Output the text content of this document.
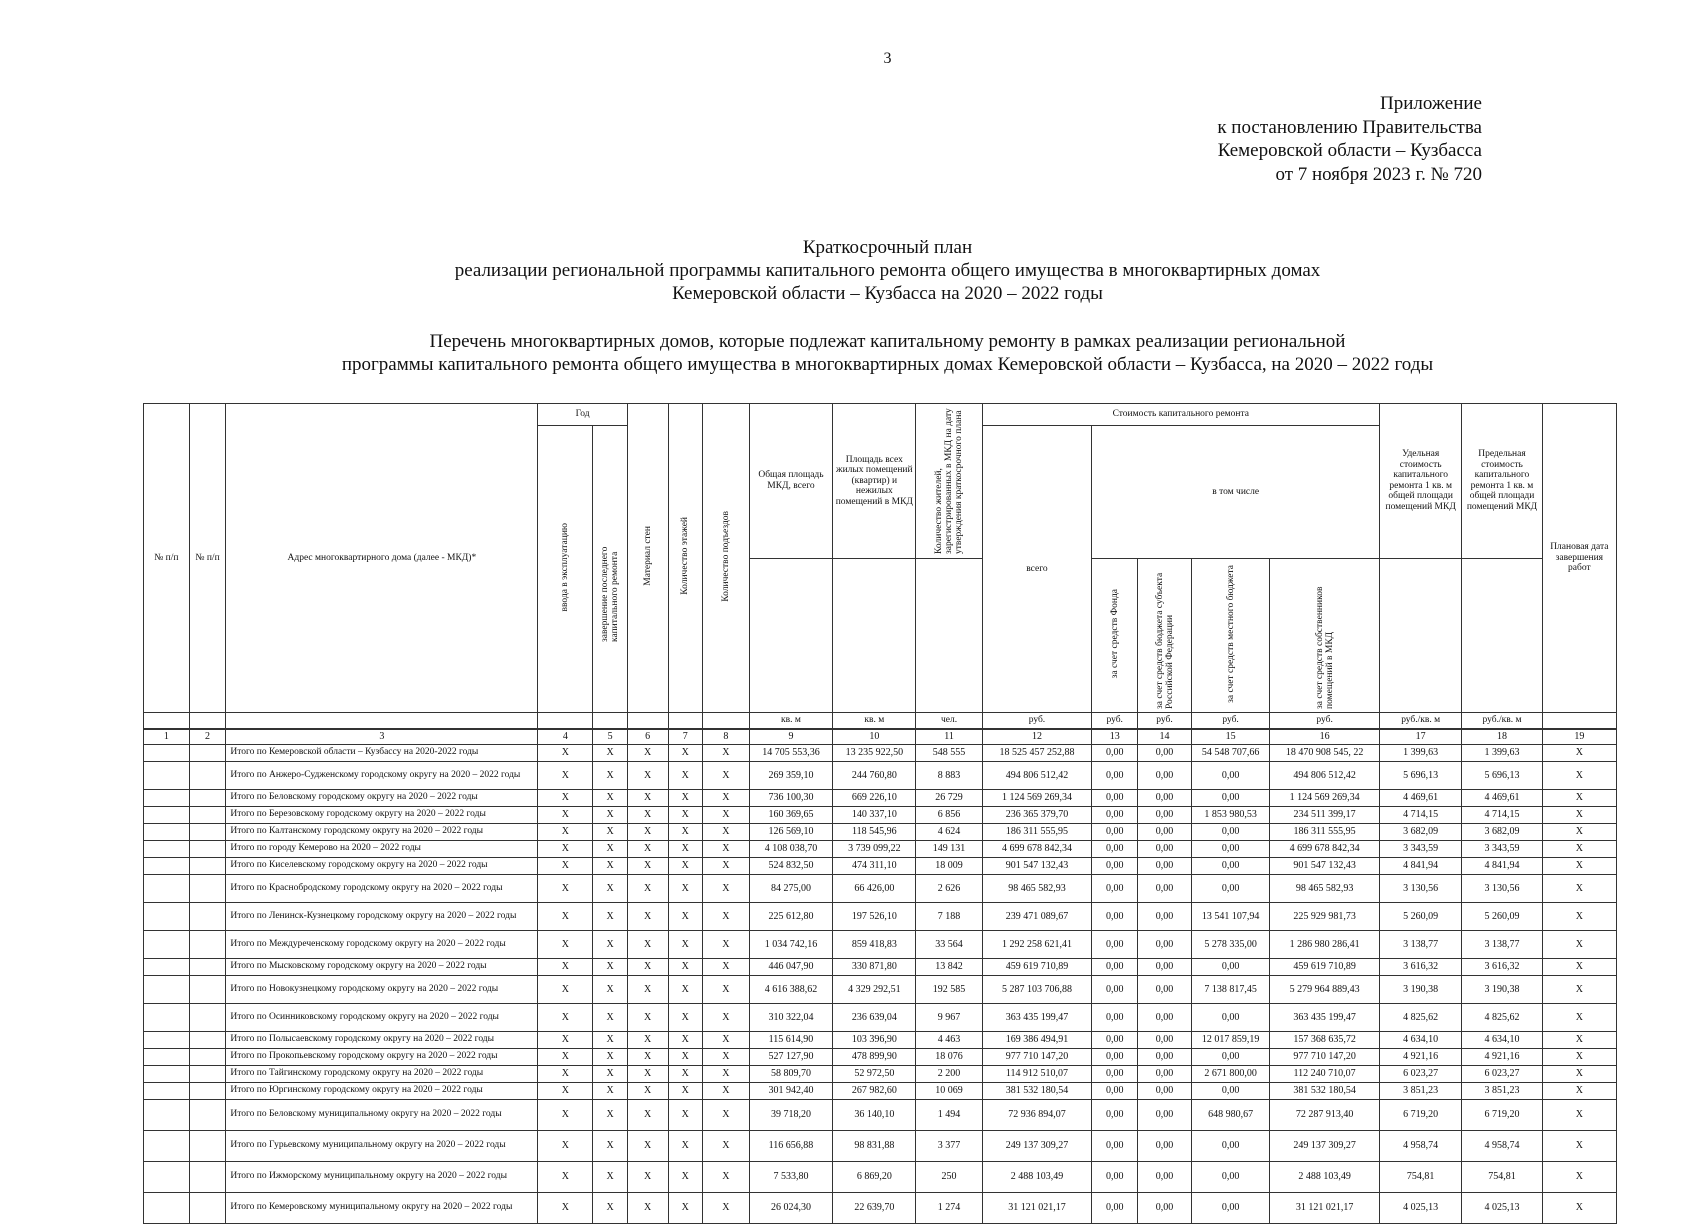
3
Приложение
к постановлению Правительства
Кемеровской области – Кузбасса
от 7 ноября 2023 г. № 720
Краткосрочный план
реализации региональной программы капитального ремонта общего имущества в многоквартирных домах
Кемеровской области – Кузбасса на 2020 – 2022 годы
Перечень многоквартирных домов, которые подлежат капитальному ремонту в рамках реализации региональной
программы капитального ремонта общего имущества в многоквартирных домах Кемеровской области – Кузбасса, на 2020 – 2022 годы
№ п/п	№ п/п	Адрес многоквартирного дома (далее - МКД)*	Год		Материал стен	Количество этажей	Количество подъездов	Общая площадь МКД, всего	Площадь всех жилых помещений (квартир) и нежилых помещений в МКД	Количество жителей, зарегистрированных в МКД на дату утверждения краткосрочного плана	Стоимость капитального ремонта					Удельная стоимость капитального ремонта 1 кв. м общей площади помещений МКД	Предельная стоимость капитального ремонта 1 кв. м общей площади помещений МКД	Плановая дата завершения работ
			ввода в эксплуатацию	завершение последнего капитального ремонта							всего	в том числе						
												за счет средств Фонда	за счет средств бюджета субъекта Российской Федерации	за счет средств местного бюджета	за счет средств собственников помещений в МКД			
								кв. м	кв. м	чел.	руб.	руб.	руб.	руб.	руб.	руб./кв. м	руб./кв. м	
1	2	3	4	5	6	7	8	9	10	11	12	13	14	15	16	17	18	19
		Итого по Кемеровской области – Кузбассу на 2020-2022 годы	Х	Х	Х	Х	Х	14 705 553,36	13 235 922,50	548 555	18 525 457 252,88	0,00	0,00	54 548 707,66	18 470 908 545, 22	1 399,63	1 399,63	Х
		Итого по Анжеро-Судженскому городскому округу на 2020 – 2022 годы	Х	Х	Х	Х	Х	269 359,10	244 760,80	8 883	494 806 512,42	0,00	0,00	0,00	494 806 512,42	5 696,13	5 696,13	Х
		Итого по Беловскому городскому округу на 2020 – 2022 годы	Х	Х	Х	Х	Х	736 100,30	669 226,10	26 729	1 124 569 269,34	0,00	0,00	0,00	1 124 569 269,34	4 469,61	4 469,61	Х
		Итого по Березовскому городскому округу на 2020 – 2022 годы	Х	Х	Х	Х	Х	160 369,65	140 337,10	6 856	236 365 379,70	0,00	0,00	1 853 980,53	234 511 399,17	4 714,15	4 714,15	Х
		Итого по Калтанскому городскому округу на 2020 – 2022 годы	Х	Х	Х	Х	Х	126 569,10	118 545,96	4 624	186 311 555,95	0,00	0,00	0,00	186 311 555,95	3 682,09	3 682,09	Х
		Итого по городу Кемерово на 2020 – 2022 годы	Х	Х	Х	Х	Х	4 108 038,70	3 739 099,22	149 131	4 699 678 842,34	0,00	0,00	0,00	4 699 678 842,34	3 343,59	3 343,59	Х
		Итого по Киселевскому городскому округу на 2020 – 2022 годы	Х	Х	Х	Х	Х	524 832,50	474 311,10	18 009	901 547 132,43	0,00	0,00	0,00	901 547 132,43	4 841,94	4 841,94	Х
		Итого по Краснобродскому городскому округу на 2020 – 2022 годы	Х	Х	Х	Х	Х	84 275,00	66 426,00	2 626	98 465 582,93	0,00	0,00	0,00	98 465 582,93	3 130,56	3 130,56	Х
		Итого по Ленинск-Кузнецкому городскому округу на 2020 – 2022 годы	Х	Х	Х	Х	Х	225 612,80	197 526,10	7 188	239 471 089,67	0,00	0,00	13 541 107,94	225 929 981,73	5 260,09	5 260,09	Х
		Итого по Междуреченскому городскому округу на 2020 – 2022 годы	Х	Х	Х	Х	Х	1 034 742,16	859 418,83	33 564	1 292 258 621,41	0,00	0,00	5 278 335,00	1 286 980 286,41	3 138,77	3 138,77	Х
		Итого по Мысковскому городскому округу на 2020 – 2022 годы	Х	Х	Х	Х	Х	446 047,90	330 871,80	13 842	459 619 710,89	0,00	0,00	0,00	459 619 710,89	3 616,32	3 616,32	Х
		Итого по Новокузнецкому городскому округу на 2020 – 2022 годы	Х	Х	Х	Х	Х	4 616 388,62	4 329 292,51	192 585	5 287 103 706,88	0,00	0,00	7 138 817,45	5 279 964 889,43	3 190,38	3 190,38	Х
		Итого по Осинниковскому городскому округу на 2020 – 2022 годы	Х	Х	Х	Х	Х	310 322,04	236 639,04	9 967	363 435 199,47	0,00	0,00	0,00	363 435 199,47	4 825,62	4 825,62	Х
		Итого по Полысаевскому городскому округу на 2020 – 2022 годы	Х	Х	Х	Х	Х	115 614,90	103 396,90	4 463	169 386 494,91	0,00	0,00	12 017 859,19	157 368 635,72	4 634,10	4 634,10	Х
		Итого по Прокопьевскому городскому округу на 2020 – 2022 годы	Х	Х	Х	Х	Х	527 127,90	478 899,90	18 076	977 710 147,20	0,00	0,00	0,00	977 710 147,20	4 921,16	4 921,16	Х
		Итого по Тайгинскому городскому округу на 2020 – 2022 годы	Х	Х	Х	Х	Х	58 809,70	52 972,50	2 200	114 912 510,07	0,00	0,00	2 671 800,00	112 240 710,07	6 023,27	6 023,27	Х
		Итого по Юргинскому городскому округу на 2020 – 2022 годы	Х	Х	Х	Х	Х	301 942,40	267 982,60	10 069	381 532 180,54	0,00	0,00	0,00	381 532 180,54	3 851,23	3 851,23	Х
		Итого по Беловскому муниципальному округу на 2020 – 2022 годы	Х	Х	Х	Х	Х	39 718,20	36 140,10	1 494	72 936 894,07	0,00	0,00	648 980,67	72 287 913,40	6 719,20	6 719,20	Х
		Итого по Гурьевскому муниципальному округу на 2020 – 2022 годы	Х	Х	Х	Х	Х	116 656,88	98 831,88	3 377	249 137 309,27	0,00	0,00	0,00	249 137 309,27	4 958,74	4 958,74	Х
		Итого по Ижморскому муниципальному округу на 2020 – 2022 годы	Х	Х	Х	Х	Х	7 533,80	6 869,20	250	2 488 103,49	0,00	0,00	0,00	2 488 103,49	754,81	754,81	Х
		Итого по Кемеровскому муниципальному округу на 2020 – 2022 годы	Х	Х	Х	Х	Х	26 024,30	22 639,70	1 274	31 121 021,17	0,00	0,00	0,00	31 121 021,17	4 025,13	4 025,13	Х
